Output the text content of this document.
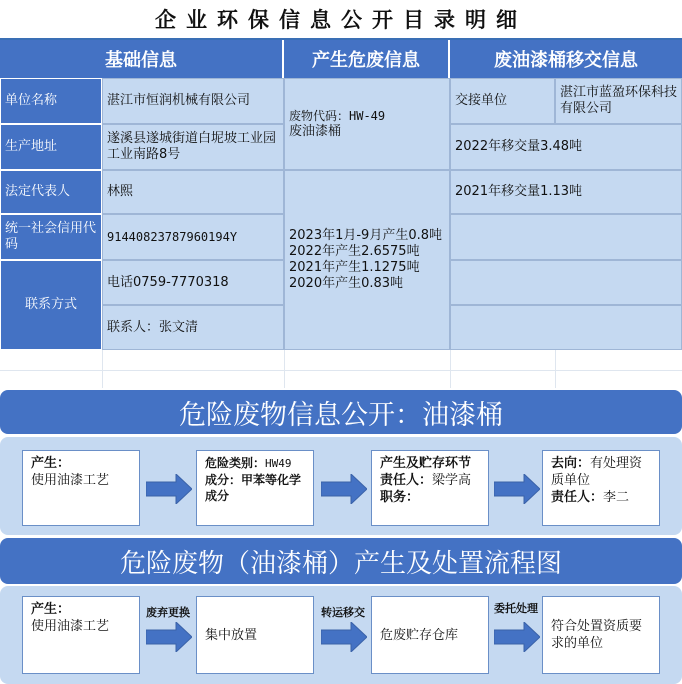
企业环保信息公开目录明细
基础信息	产生危废信息	废油漆桶移交信息
单位名称
生产地址
法定代表人
统一社会信用代码
联系方式
湛江市恒润机械有限公司
遂溪县遂城街道白坭坡工业园工业南路8号
林熙
91440823787960194Y
电话0759-7770318
联系人：张文清
废物代码：HW-49
废油漆桶
2023年1月-9月产生0.8吨
2022年产生2.6575吨
2021年产生1.1275吨
2020年产生0.83吨
交接单位
湛江市蓝盈环保科技有限公司
2022年移交量3.48吨
2021年移交量1.13吨
危险废物信息公开：油漆桶
产生：
使用油漆工艺
危险类别：HW49
成分：甲苯等化学成分
产生及贮存环节
责任人：梁学高
职务：
去向：有处理资质单位
责任人：李二
危险废物（油漆桶）产生及处置流程图
产生：
使用油漆工艺
废弃更换
集中放置
转运移交
危废贮存仓库
委托处理
符合处置资质要求的单位
